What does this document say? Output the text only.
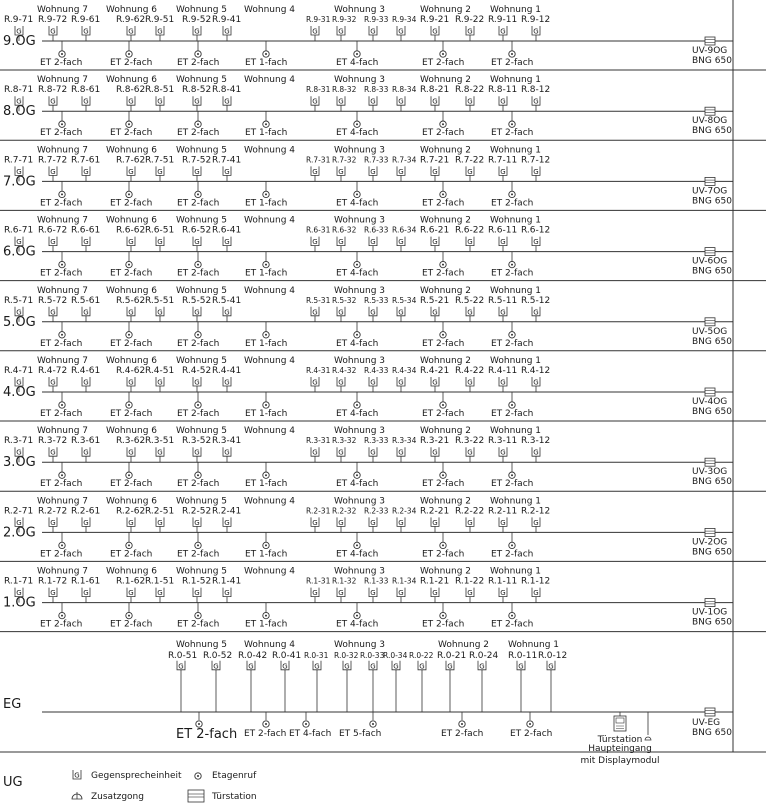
9.OG
Wohnung 7 Wohnung 6 Wohnung 5 Wohnung 4	Wohnung 3	Wohnung 2 Wohnung 1
R.9-71
G
R.9-72
G
R.9-61
G
R.9-62
G
R.9-51
G
R.9-52
G
R.9-41
G
R.9-31
G
R.9-32
G
R.9-33
G
R.9-34
G
R.9-21
G
R.9-22
G
R.9-11
G
R.9-12
G
ET 2-fach	ET 2-fach	ET 2-fach	ET 1-fach	ET 4-fach	ET 2-fach	ET 2-fach
UV-9OG
BNG 650
8.OG
Wohnung 7 Wohnung 6 Wohnung 5 Wohnung 4	Wohnung 3	Wohnung 2 Wohnung 1
R.8-71
G
R.8-72
G
R.8-61
G
R.8-62
G
R.8-51
G
R.8-52
G
R.8-41
G
R.8-31
G
R.8-32
G
R.8-33
G
R.8-34
G
R.8-21
G
R.8-22
G
R.8-11
G
R.8-12
G
ET 2-fach	ET 2-fach	ET 2-fach	ET 1-fach	ET 4-fach	ET 2-fach	ET 2-fach
UV-8OG
BNG 650
7.OG
Wohnung 7 Wohnung 6 Wohnung 5 Wohnung 4	Wohnung 3	Wohnung 2 Wohnung 1
R.7-71
G
R.7-72
G
R.7-61
G
R.7-62
G
R.7-51
G
R.7-52
G
R.7-41
G
R.7-31
G
R.7-32
G
R.7-33
G
R.7-34
G
R.7-21
G
R.7-22
G
R.7-11
G
R.7-12
G
ET 2-fach	ET 2-fach	ET 2-fach	ET 1-fach	ET 4-fach	ET 2-fach	ET 2-fach
UV-7OG
BNG 650
6.OG
Wohnung 7 Wohnung 6 Wohnung 5 Wohnung 4	Wohnung 3	Wohnung 2 Wohnung 1
R.6-71
G
R.6-72
G
R.6-61
G
R.6-62
G
R.6-51
G
R.6-52
G
R.6-41
G
R.6-31
G
R.6-32
G
R.6-33
G
R.6-34
G
R.6-21
G
R.6-22
G
R.6-11
G
R.6-12
G
ET 2-fach	ET 2-fach	ET 2-fach	ET 1-fach	ET 4-fach	ET 2-fach	ET 2-fach
UV-6OG
BNG 650
5.OG
Wohnung 7 Wohnung 6 Wohnung 5 Wohnung 4	Wohnung 3	Wohnung 2 Wohnung 1
R.5-71
G
R.5-72
G
R.5-61
G
R.5-62
G
R.5-51
G
R.5-52
G
R.5-41
G
R.5-31
G
R.5-32
G
R.5-33
G
R.5-34
G
R.5-21
G
R.5-22
G
R.5-11
G
R.5-12
G
ET 2-fach	ET 2-fach	ET 2-fach	ET 1-fach	ET 4-fach	ET 2-fach	ET 2-fach
UV-5OG
BNG 650
4.OG
Wohnung 7 Wohnung 6 Wohnung 5 Wohnung 4	Wohnung 3	Wohnung 2 Wohnung 1
R.4-71
G
R.4-72
G
R.4-61
G
R.4-62
G
R.4-51
G
R.4-52
G
R.4-41
G
R.4-31
G
R.4-32
G
R.4-33
G
R.4-34
G
R.4-21
G
R.4-22
G
R.4-11
G
R.4-12
G
ET 2-fach	ET 2-fach	ET 2-fach	ET 1-fach	ET 4-fach	ET 2-fach	ET 2-fach
UV-4OG
BNG 650
3.OG
Wohnung 7 Wohnung 6 Wohnung 5 Wohnung 4	Wohnung 3	Wohnung 2 Wohnung 1
R.3-71
G
R.3-72
G
R.3-61
G
R.3-62
G
R.3-51
G
R.3-52
G
R.3-41
G
R.3-31
G
R.3-32
G
R.3-33
G
R.3-34
G
R.3-21
G
R.3-22
G
R.3-11
G
R.3-12
G
ET 2-fach	ET 2-fach	ET 2-fach	ET 1-fach	ET 4-fach	ET 2-fach	ET 2-fach
UV-3OG
BNG 650
2.OG
Wohnung 7 Wohnung 6 Wohnung 5 Wohnung 4	Wohnung 3	Wohnung 2 Wohnung 1
R.2-71
G
R.2-72
G
R.2-61
G
R.2-62
G
R.2-51
G
R.2-52
G
R.2-41
G
R.2-31
G
R.2-32
G
R.2-33
G
R.2-34
G
R.2-21
G
R.2-22
G
R.2-11
G
R.2-12
G
ET 2-fach	ET 2-fach	ET 2-fach	ET 1-fach	ET 4-fach	ET 2-fach	ET 2-fach
UV-2OG
BNG 650
1.OG
Wohnung 7 Wohnung 6 Wohnung 5 Wohnung 4	Wohnung 3	Wohnung 2 Wohnung 1
R.1-71
G
R.1-72
G
R.1-61
G
R.1-62
G
R.1-51
G
R.1-52
G
R.1-41
G
R.1-31
G
R.1-32
G
R.1-33
G
R.1-34
G
R.1-21
G
R.1-22
G
R.1-11
G
R.1-12
G
ET 2-fach	ET 2-fach	ET 2-fach	ET 1-fach	ET 4-fach	ET 2-fach	ET 2-fach
UV-1OG
BNG 650
EG
Wohnung 5 Wohnung 4	Wohnung 3	Wohnung 2 Wohnung 1
R.0-51
G
R.0-52
G
R.0-42
G
R.0-41
G
R.0-31
G
R.0-32
G
R.0-33
G
R.0-34
G
R.0-22
G
R.0-21
G
R.0-24
G
R.0-11
G
R.0-12
G
ET 2-fach ET 2-fach ET 4-fach ET 5-fach	ET 2-fach	ET 2-fach
Türstation
Haupteingang
mit Displaymodul
UV-EG
BNG 650
UG	G Gegensprecheinheit	Etagenruf
Zusatzgong	Türstation
